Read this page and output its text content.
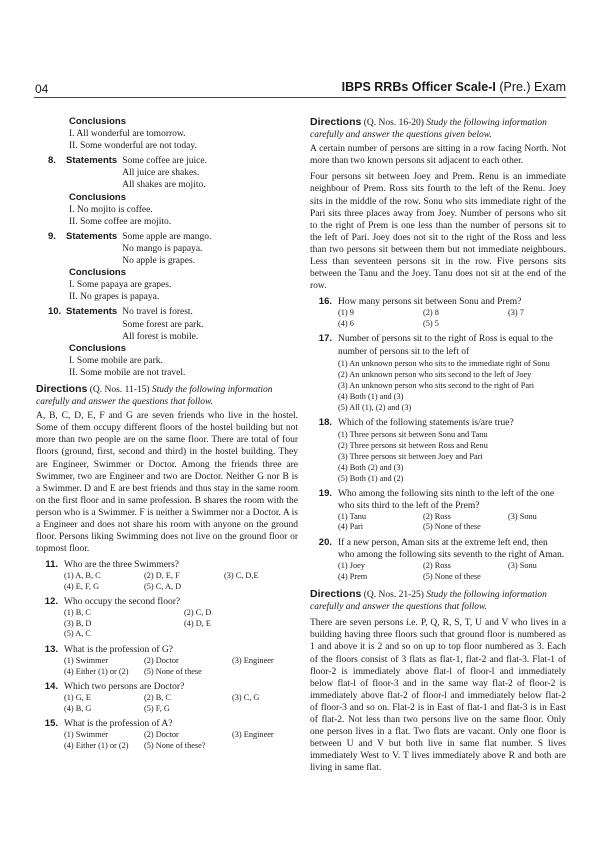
04	IBPS RRBs Officer Scale-I (Pre.) Exam
Conclusions
I. All wonderful are tomorrow.
II. Some wonderful are not today.
8.	Statements Some coffee are juice.
All juice are shakes.
All shakes are mojito.
Conclusions
I. No mojito is coffee.
II. Some coffee are mojito.
9.	Statements Some apple are mango.
No mango is papaya.
No apple is grapes.
Conclusions
I. Some papaya are grapes.
II. No grapes is papaya.
10. Statements No travel is forest.
Some forest are park.
All forest is mobile.
Conclusions
I. Some mobile are park.
II. Some mobile are not travel.
Directions (Q. Nos. 11-15) Study the following information carefully and answer the questions that follow.
A, B, C, D, E, F and G are seven friends who live in the hostel. Some of them occupy different floors of the hostel building but not more than two people are on the same floor. There are total of four floors (ground, first, second and third) in the hostel building. They are Engineer, Swimmer or Doctor. Among the friends three are Swimmer, two are Engineer and two are Doctor. Neither G nor B is a Swimmer. D and E are best friends and thus stay in the same room on the first floor and in same profession. B shares the room with the person who is a Swimmer. F is neither a Swimmer nor a Doctor. A is a Engineer and does not share his room with anyone on the ground floor. Persons liking Swimming does not live on the ground floor or topmost floor.
11. Who are the three Swimmers?
(1) A, B, C	(2) D, E, F	(3) C, D,E
(4) E, F, G	(5) C, A, D
12. Who occupy the second floor?
(1) B, C	(2) C, D
(3) B, D	(4) D, E
(5) A, C
13. What is the profession of G?
(1) Swimmer	(2) Doctor	(3) Engineer
(4) Either (1) or (2)	(5) None of these
14. Which two persons are Doctor?
(1) G, E	(2) B, C	(3) C, G
(4) B, G	(5) F, G
15. What is the profession of A?
(1) Swimmer	(2) Doctor	(3) Engineer
(4) Either (1) or (2)	(5) None of these?
Directions (Q. Nos. 16-20) Study the following information carefully and answer the questions given below.
A certain number of persons are sitting in a row facing North. Not more than two known persons sit adjacent to each other.
Four persons sit between Joey and Prem. Renu is an immediate neighbour of Prem. Ross sits fourth to the left of the Renu. Joey sits in the middle of the row. Sonu who sits immediate right of the Pari sits three places away from Joey. Number of persons who sit to the right of Prem is one less than the number of persons sit to the left of Pari. Joey does not sit to the right of the Ross and less than two persons sit between them but not immediate neighbours. Less than seventeen persons sit in the row. Five persons sits between the Tanu and the Joey. Tanu does not sit at the end of the row.
16. How many persons sit between Sonu and Prem?
(1) 9	(2) 8	(3) 7
(4) 6	(5) 5
17. Number of persons sit to the right of Ross is equal to the number of persons sit to the left of
(1) An unknown person who sits to the immediate right of Sonu
(2) An unknown person who sits second to the left of Joey
(3) An unknown person who sits second to the right of Pari
(4) Both (1) and (3)
(5) All (1), (2) and (3)
18. Which of the following statements is/are true?
(1) Three persons sit between Sonu and Tanu
(2) Three persons sit between Ross and Renu
(3) Three persons sit between Joey and Pari
(4) Both (2) and (3)
(5) Both (1) and (2)
19. Who among the following sits ninth to the left of the one who sits third to the left of the Prem?
(1) Tanu	(2) Ross	(3) Sonu
(4) Pari	(5) None of these
20. If a new person, Aman sits at the extreme left end, then who among the following sits seventh to the right of Aman.
(1) Joey	(2) Ross	(3) Sonu
(4) Prem	(5) None of these
Directions (Q. Nos. 21-25) Study the following information carefully and answer the questions that follow.
There are seven persons i.e. P, Q, R, S, T, U and V who lives in a building having three floors such that ground floor is numbered as 1 and above it is 2 and so on up to top floor numbered as 3. Each of the floors consist of 3 flats as flat-1, flat-2 and flat-3. Flat-1 of floor-2 is immediately above flat-l of floor-l and immediately below flat-l of floor-3 and in the same way flat-2 of floor-2 is immediately above flat-2 of floor-l and immediately below flat-2 of floor-3 and so on. Flat-2 is in East of flat-1 and flat-3 is in East of flat-2. Not less than two persons live on the same floor. Only one person lives in a flat. Two flats are vacant. Only one floor is between U and V but both live in same flat number. S lives immediately West to V. T lives immediately above R and both are living in same flat.
